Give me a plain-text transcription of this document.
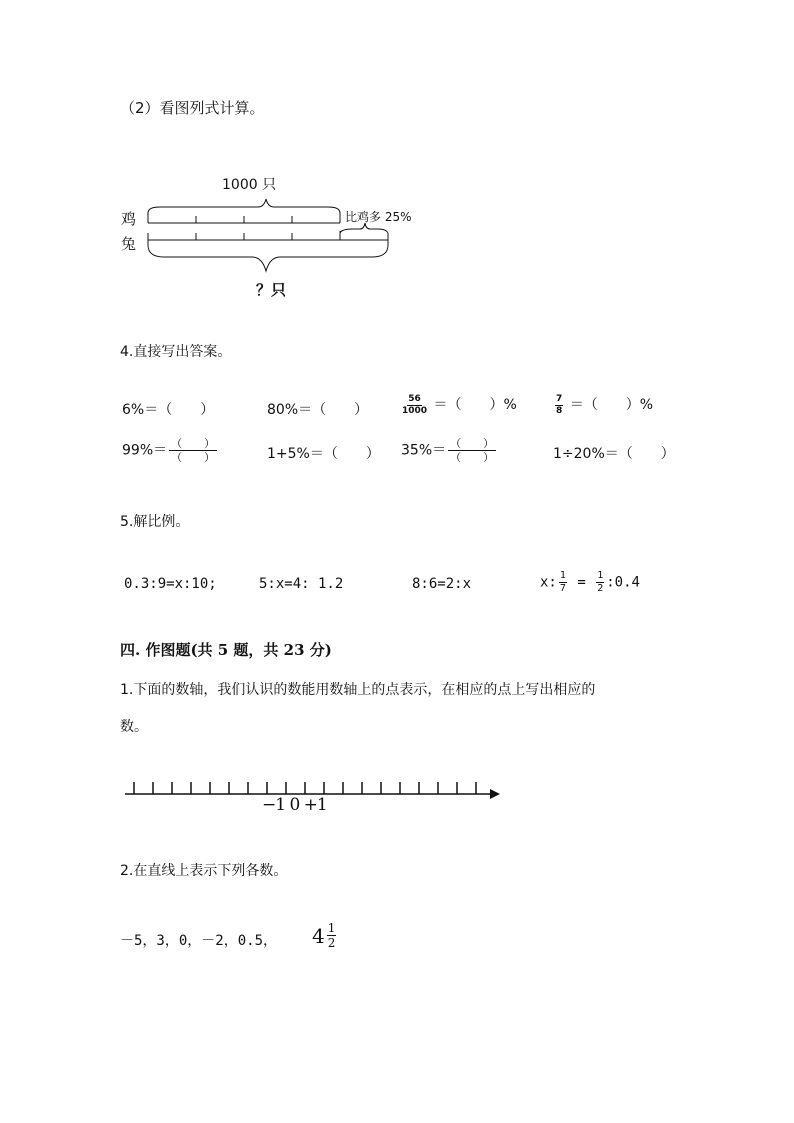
（2）看图列式计算。
1000 只
鸡
兔
比鸡多 25%
？只
4.直接写出答案。
6%＝（　　）	80%＝（　　）	$\frac{56}{1000}$ ＝（　　）%	$\frac{7}{8}$ ＝（　　）%
$99\%= \frac{( )}{( )}$	1+5%＝（　　） $35\%= \frac{( )}{( )}$	1÷20%＝（　　）
5.解比例。
0.3:9=x:10;	5:x=4: 1.2	8:6=2:x	x: $\frac{1}{7} = \frac{1}{2}$ :0.4
四. 作图题(共 5 题，共 23 分)
1.下面的数轴，我们认识的数能用数轴上的点表示，在相应的点上写出相应的
数。
−1 0 +1
2.在直线上表示下列各数。
－5，3，0，－2，0.5， $4 \frac{1}{2}$
